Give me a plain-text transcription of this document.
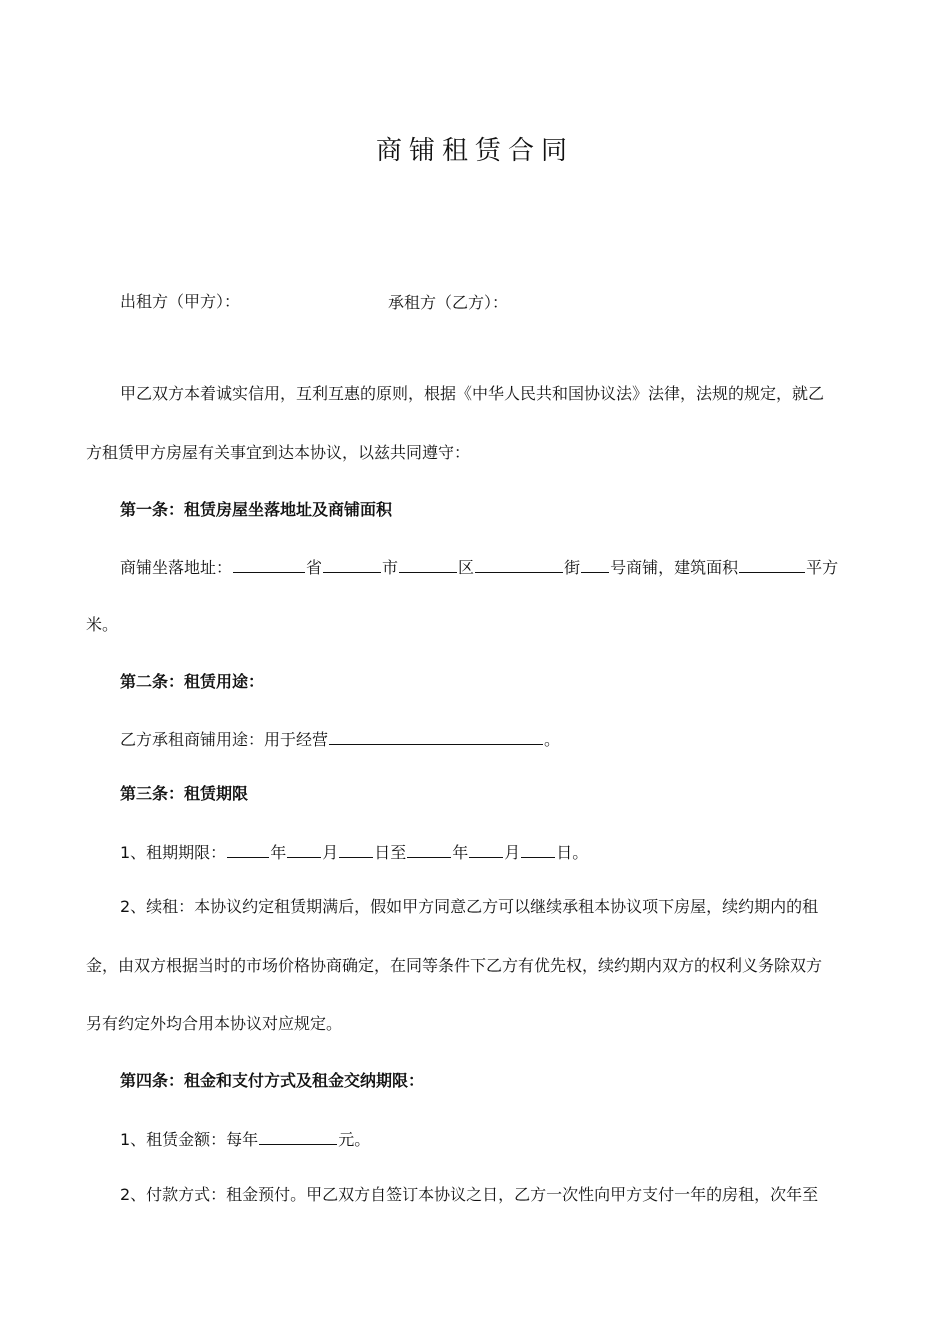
商铺租赁合同
出租方（甲方）：	承租方（乙方）：
甲乙双方本着诚实信用，互利互惠的原则，根据《中华人民共和国协议法》法律，法规的规定，就乙
方租赁甲方房屋有关事宜到达本协议，以兹共同遵守：
第一条：租赁房屋坐落地址及商铺面积
商铺坐落地址：	省	市	区	街 号商铺，建筑面积	平方
米。
第二条：租赁用途：
乙方承租商铺用途：用于经营	。
第三条：租赁期限
1、租期期限：	年 月 日至	年 月 日。
2、续租：本协议约定租赁期满后，假如甲方同意乙方可以继续承租本协议项下房屋，续约期内的租
金，由双方根据当时的市场价格协商确定，在同等条件下乙方有优先权，续约期内双方的权利义务除双方
另有约定外均合用本协议对应规定。
第四条：租金和支付方式及租金交纳期限：
1、租赁金额：每年	元。
2、付款方式：租金预付。甲乙双方自签订本协议之日，乙方一次性向甲方支付一年的房租，次年至
